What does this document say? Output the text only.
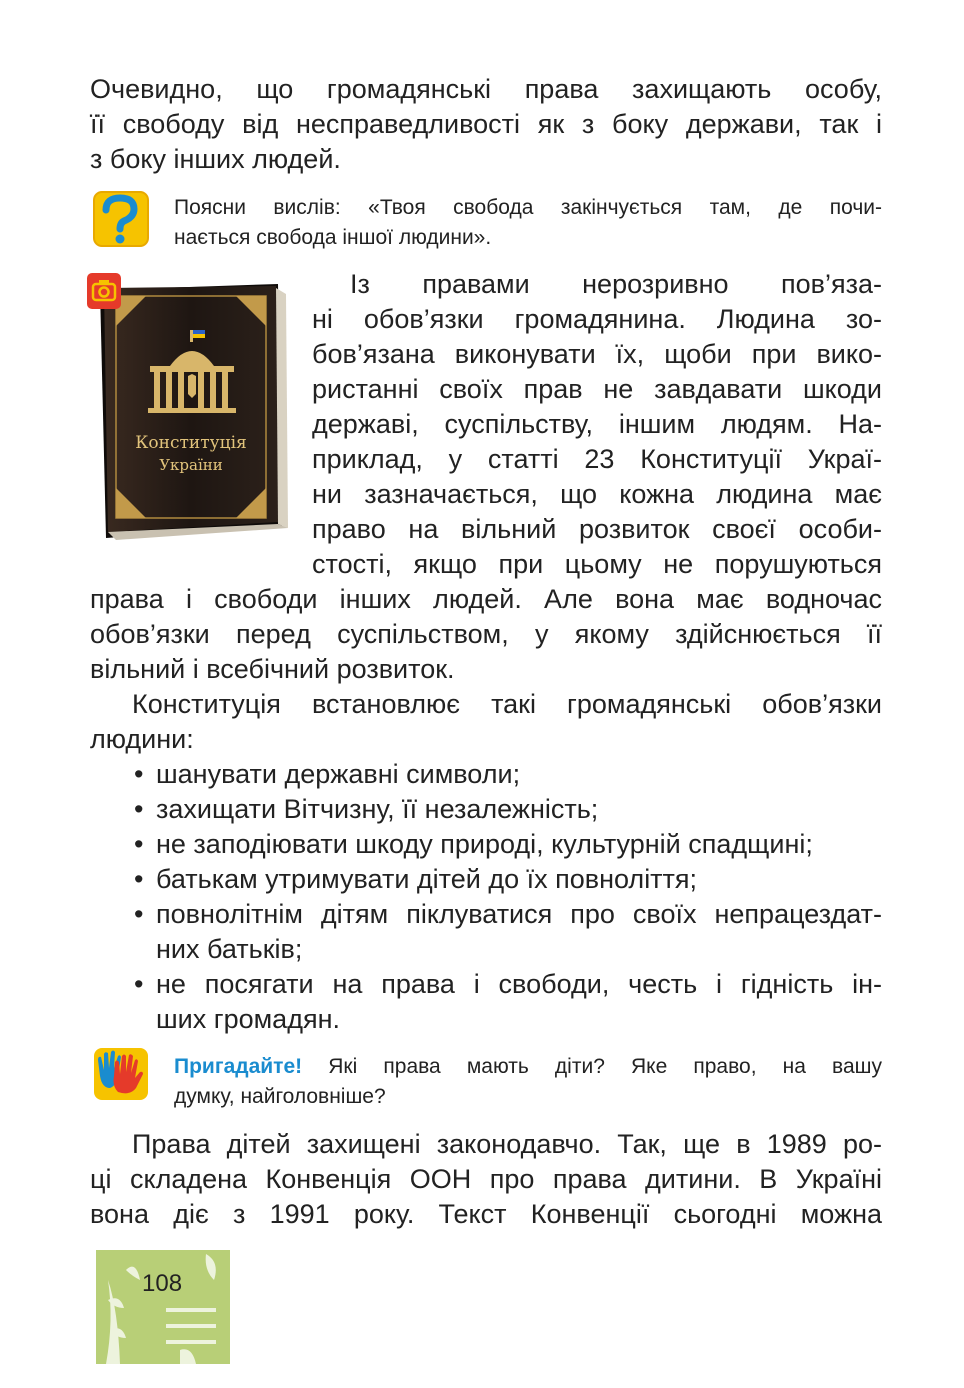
Очевидно, що громадянські права захищають особу,
її свободу від несправедливості як з боку держави, так і
з боку інших людей.
Поясни вислів: «Твоя свобода закінчується там, де почи-
нається свобода іншої людини».
Конституція
України
Із правами нерозривно пов’яза-
ні обов’язки громадянина. Людина зо-
бов’язана виконувати їх, щоби при вико-
ристанні своїх прав не завдавати шкоди
державі, суспільству, іншим людям. На-
приклад, у статті 23 Конституції Украї-
ни зазначається, що кожна людина має
право на вільний розвиток своєї особи-
стості, якщо при цьому не порушуються
права і свободи інших людей. Але вона має водночас
обов’язки перед суспільством, у якому здійснюється її
вільний і всебічний розвиток.
Конституція встановлює такі громадянські обов’язки
людини:
• шанувати державні символи;
• захищати Вітчизну, її незалежність;
• не заподіювати шкоду природі, культурній спадщині;
• батькам утримувати дітей до їх повноліття;
• повнолітнім дітям піклуватися про своїх непрацездат-
них батьків;
• не посягати на права і свободи, честь і гідність ін-
ших громадян.
Пригадайте! Які права мають діти? Яке право, на вашу
думку, найголовніше?
Права дітей захищені законодавчо. Так, ще в 1989 ро-
ці складена Конвенція ООН про права дитини. В Україні
вона діє з 1991 року. Текст Конвенції сьогодні можна
108
